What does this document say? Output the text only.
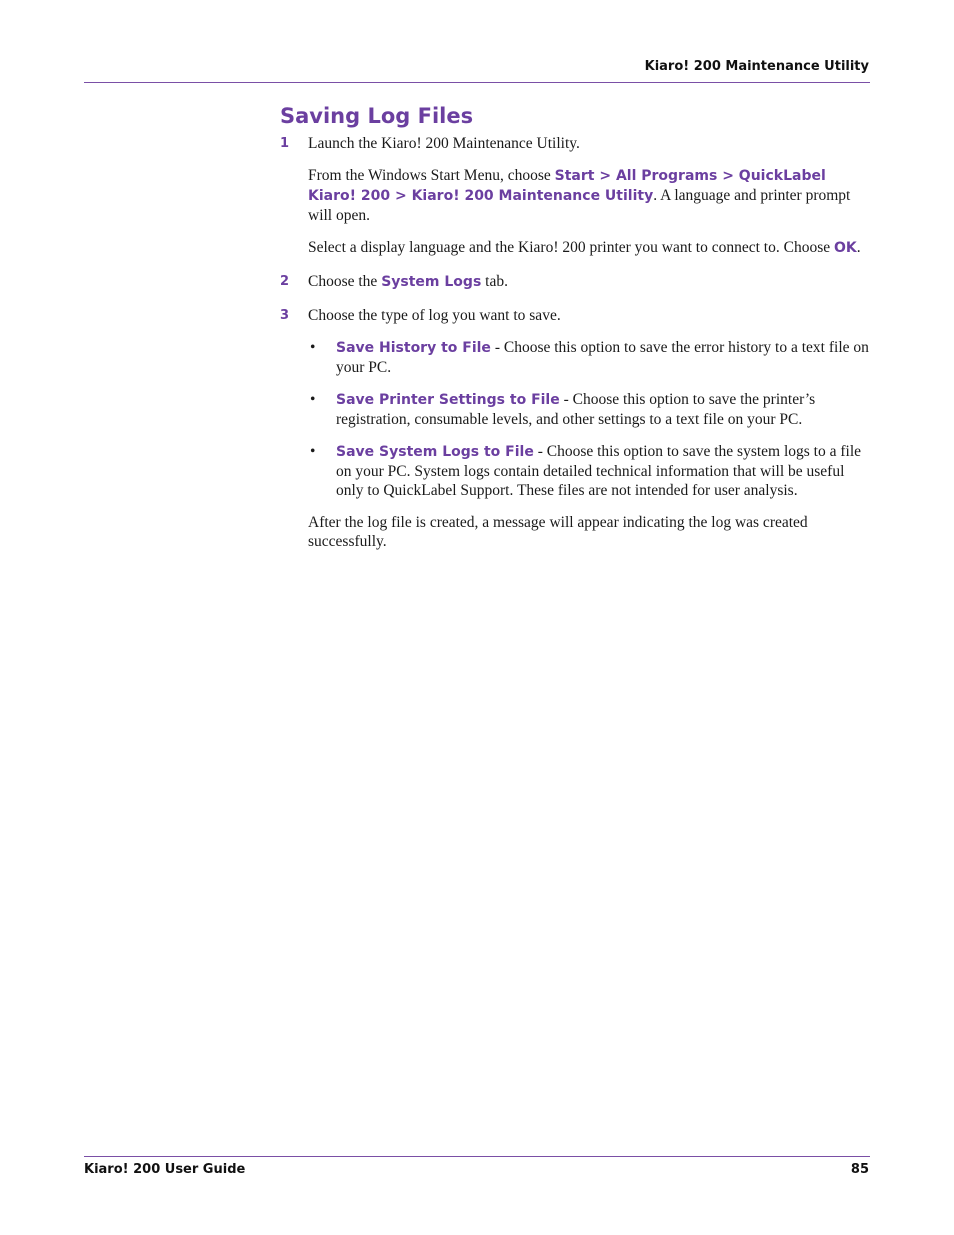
Kiaro! 200 Maintenance Utility
Saving Log Files
1 Launch the Kiaro! 200 Maintenance Utility.

From the Windows Start Menu, choose Start > All Programs > QuickLabel Kiaro! 200 > Kiaro! 200 Maintenance Utility. A language and printer prompt will open.

Select a display language and the Kiaro! 200 printer you want to connect to. Choose OK.

2 Choose the System Logs tab.

3 Choose the type of log you want to save.

• Save History to File - Choose this option to save the error history to a text file on your PC.
• Save Printer Settings to File - Choose this option to save the printer’s registration, consumable levels, and other settings to a text file on your PC.
• Save System Logs to File - Choose this option to save the system logs to a file on your PC. System logs contain detailed technical information that will be useful only to QuickLabel Support. These files are not intended for user analysis.

After the log file is created, a message will appear indicating the log was created successfully.

Kiaro! 200 User Guide	85
